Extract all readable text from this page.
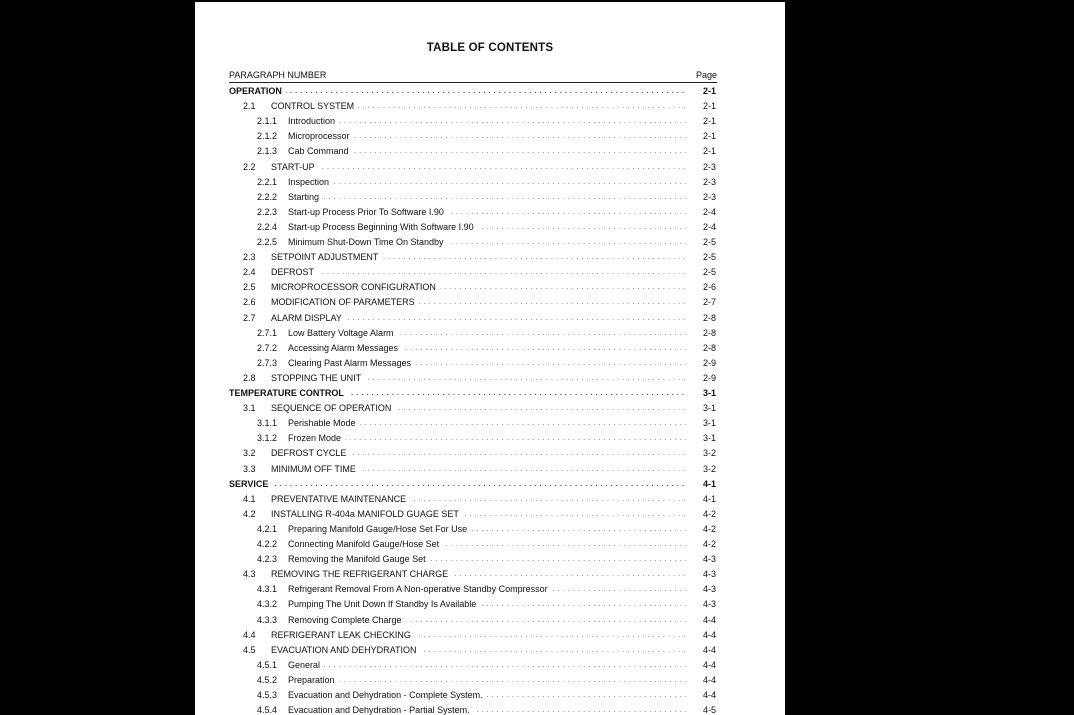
TABLE OF CONTENTS
PARAGRAPH NUMBER	Page
OPERATION . . .	2-1
2.1 CONTROL SYSTEM . . .	2-1
2.1.1 Introduction . . .	2-1
2.1.2 Microprocessor . . .	2-1
2.1.3 Cab Command . . .	2-1
2.2 START-UP . . .	2-3
2.2.1 Inspection . . .	2-3
2.2.2 Starting . . .	2-3
2.2.3 Start-up Process Prior To Software I.90 . . .	2-4
2.2.4 Start-up Process Beginning With Software I.90 . . .	2-4
2.2.5 Minimum Shut-Down Time On Standby . . .	2-5
2.3 SETPOINT ADJUSTMENT . . .	2-5
2.4 DEFROST . . .	2-5
2.5 MICROPROCESSOR CONFIGURATION . . .	2-6
2.6 MODIFICATION OF PARAMETERS . . .	2-7
2.7 ALARM DISPLAY . . .	2-8
2.7.1 Low Battery Voltage Alarm . . .	2-8
2.7.2 Accessing Alarm Messages . . .	2-8
2.7.3 Clearing Past Alarm Messages . . .	2-9
2.8 STOPPING THE UNIT . . .	2-9
TEMPERATURE CONTROL . . .	3-1
3.1 SEQUENCE OF OPERATION . . .	3-1
3.1.1 Perishable Mode . . .	3-1
3.1.2 Frozen Mode . . .	3-1
3.2 DEFROST CYCLE . . .	3-2
3.3 MINIMUM OFF TIME . . .	3-2
SERVICE . . .	4-1
4.1 PREVENTATIVE MAINTENANCE . . .	4-1
4.2 INSTALLING R-404a MANIFOLD GUAGE SET . . .	4-2
4.2.1 Preparing Manifold Gauge/Hose Set For Use . . .	4-2
4.2.2 Connecting Manifold Gauge/Hose Set . . .	4-2
4.2.3 Removing the Manifold Gauge Set . . .	4-3
4.3 REMOVING THE REFRIGERANT CHARGE . . .	4-3
4.3.1 Refrigerant Removal From A Non-operative Standby Compressor . . .	4-3
4.3.2 Pumping The Unit Down If Standby Is Available . . .	4-3
4.3.3 Removing Complete Charge . . .	4-4
4.4 REFRIGERANT LEAK CHECKING . . .	4-4
4.5 EVACUATION AND DEHYDRATION . . .	4-4
4.5.1 General . . .	4-4
4.5.2 Preparation . . .	4-4
4.5.3 Evacuation and Dehydration - Complete System. . . .	4-4
4.5.4 Evacuation and Dehydration - Partial System. . . .	4-5
